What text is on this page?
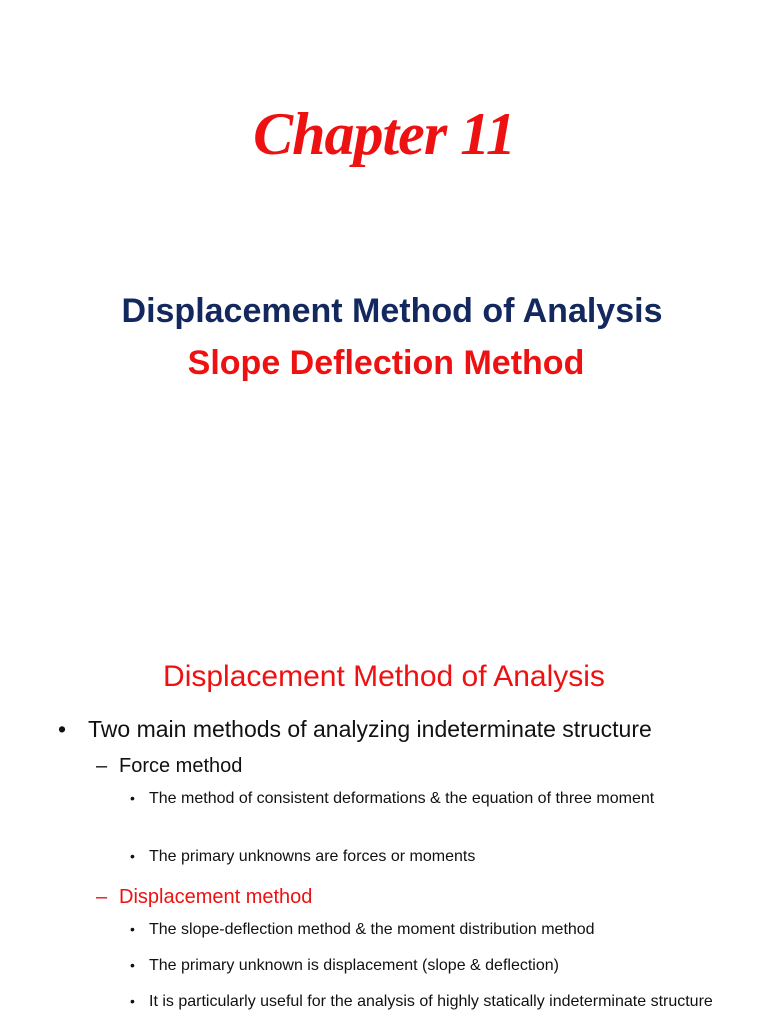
Chapter 11
Displacement Method of Analysis
Slope Deflection Method
Displacement Method of Analysis
• Two main methods of analyzing indeterminate structure
– Force method
• The method of consistent deformations & the equation of three moment
• The primary unknowns are forces or moments
– Displacement method
• The slope-deflection method & the moment distribution method
• The primary unknown is displacement (slope & deflection)
• It is particularly useful for the analysis of highly statically indeterminate structure
